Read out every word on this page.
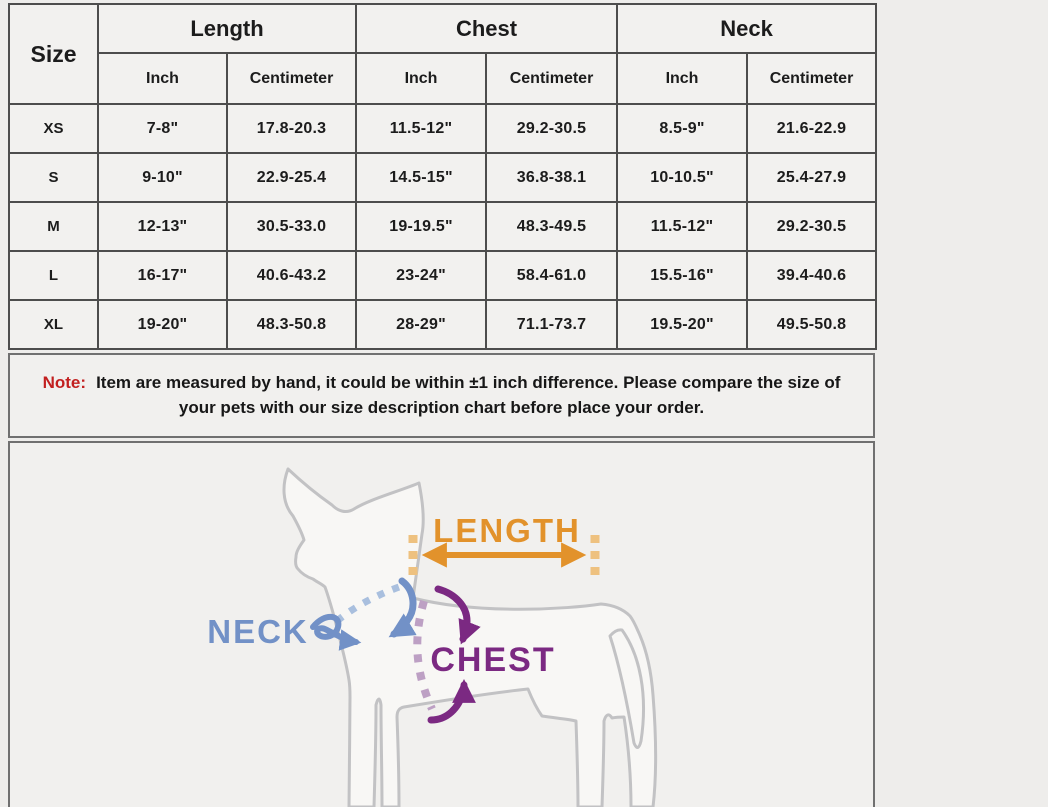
Size	Length		Chest		Neck	
	Inch	Centimeter	Inch	Centimeter	Inch	Centimeter
XS	7-8"	17.8-20.3	11.5-12"	29.2-30.5	8.5-9"	21.6-22.9
S	9-10"	22.9-25.4	14.5-15"	36.8-38.1	10-10.5"	25.4-27.9
M	12-13"	30.5-33.0	19-19.5"	48.3-49.5	11.5-12"	29.2-30.5
L	16-17"	40.6-43.2	23-24"	58.4-61.0	15.5-16"	39.4-40.6
XL	19-20"	48.3-50.8	28-29"	71.1-73.7	19.5-20"	49.5-50.8
Note: Item are measured by hand, it could be within ±1 inch difference. Please compare the size of
your pets with our size description chart before place your order.
LENGTH
NECK
CHEST
